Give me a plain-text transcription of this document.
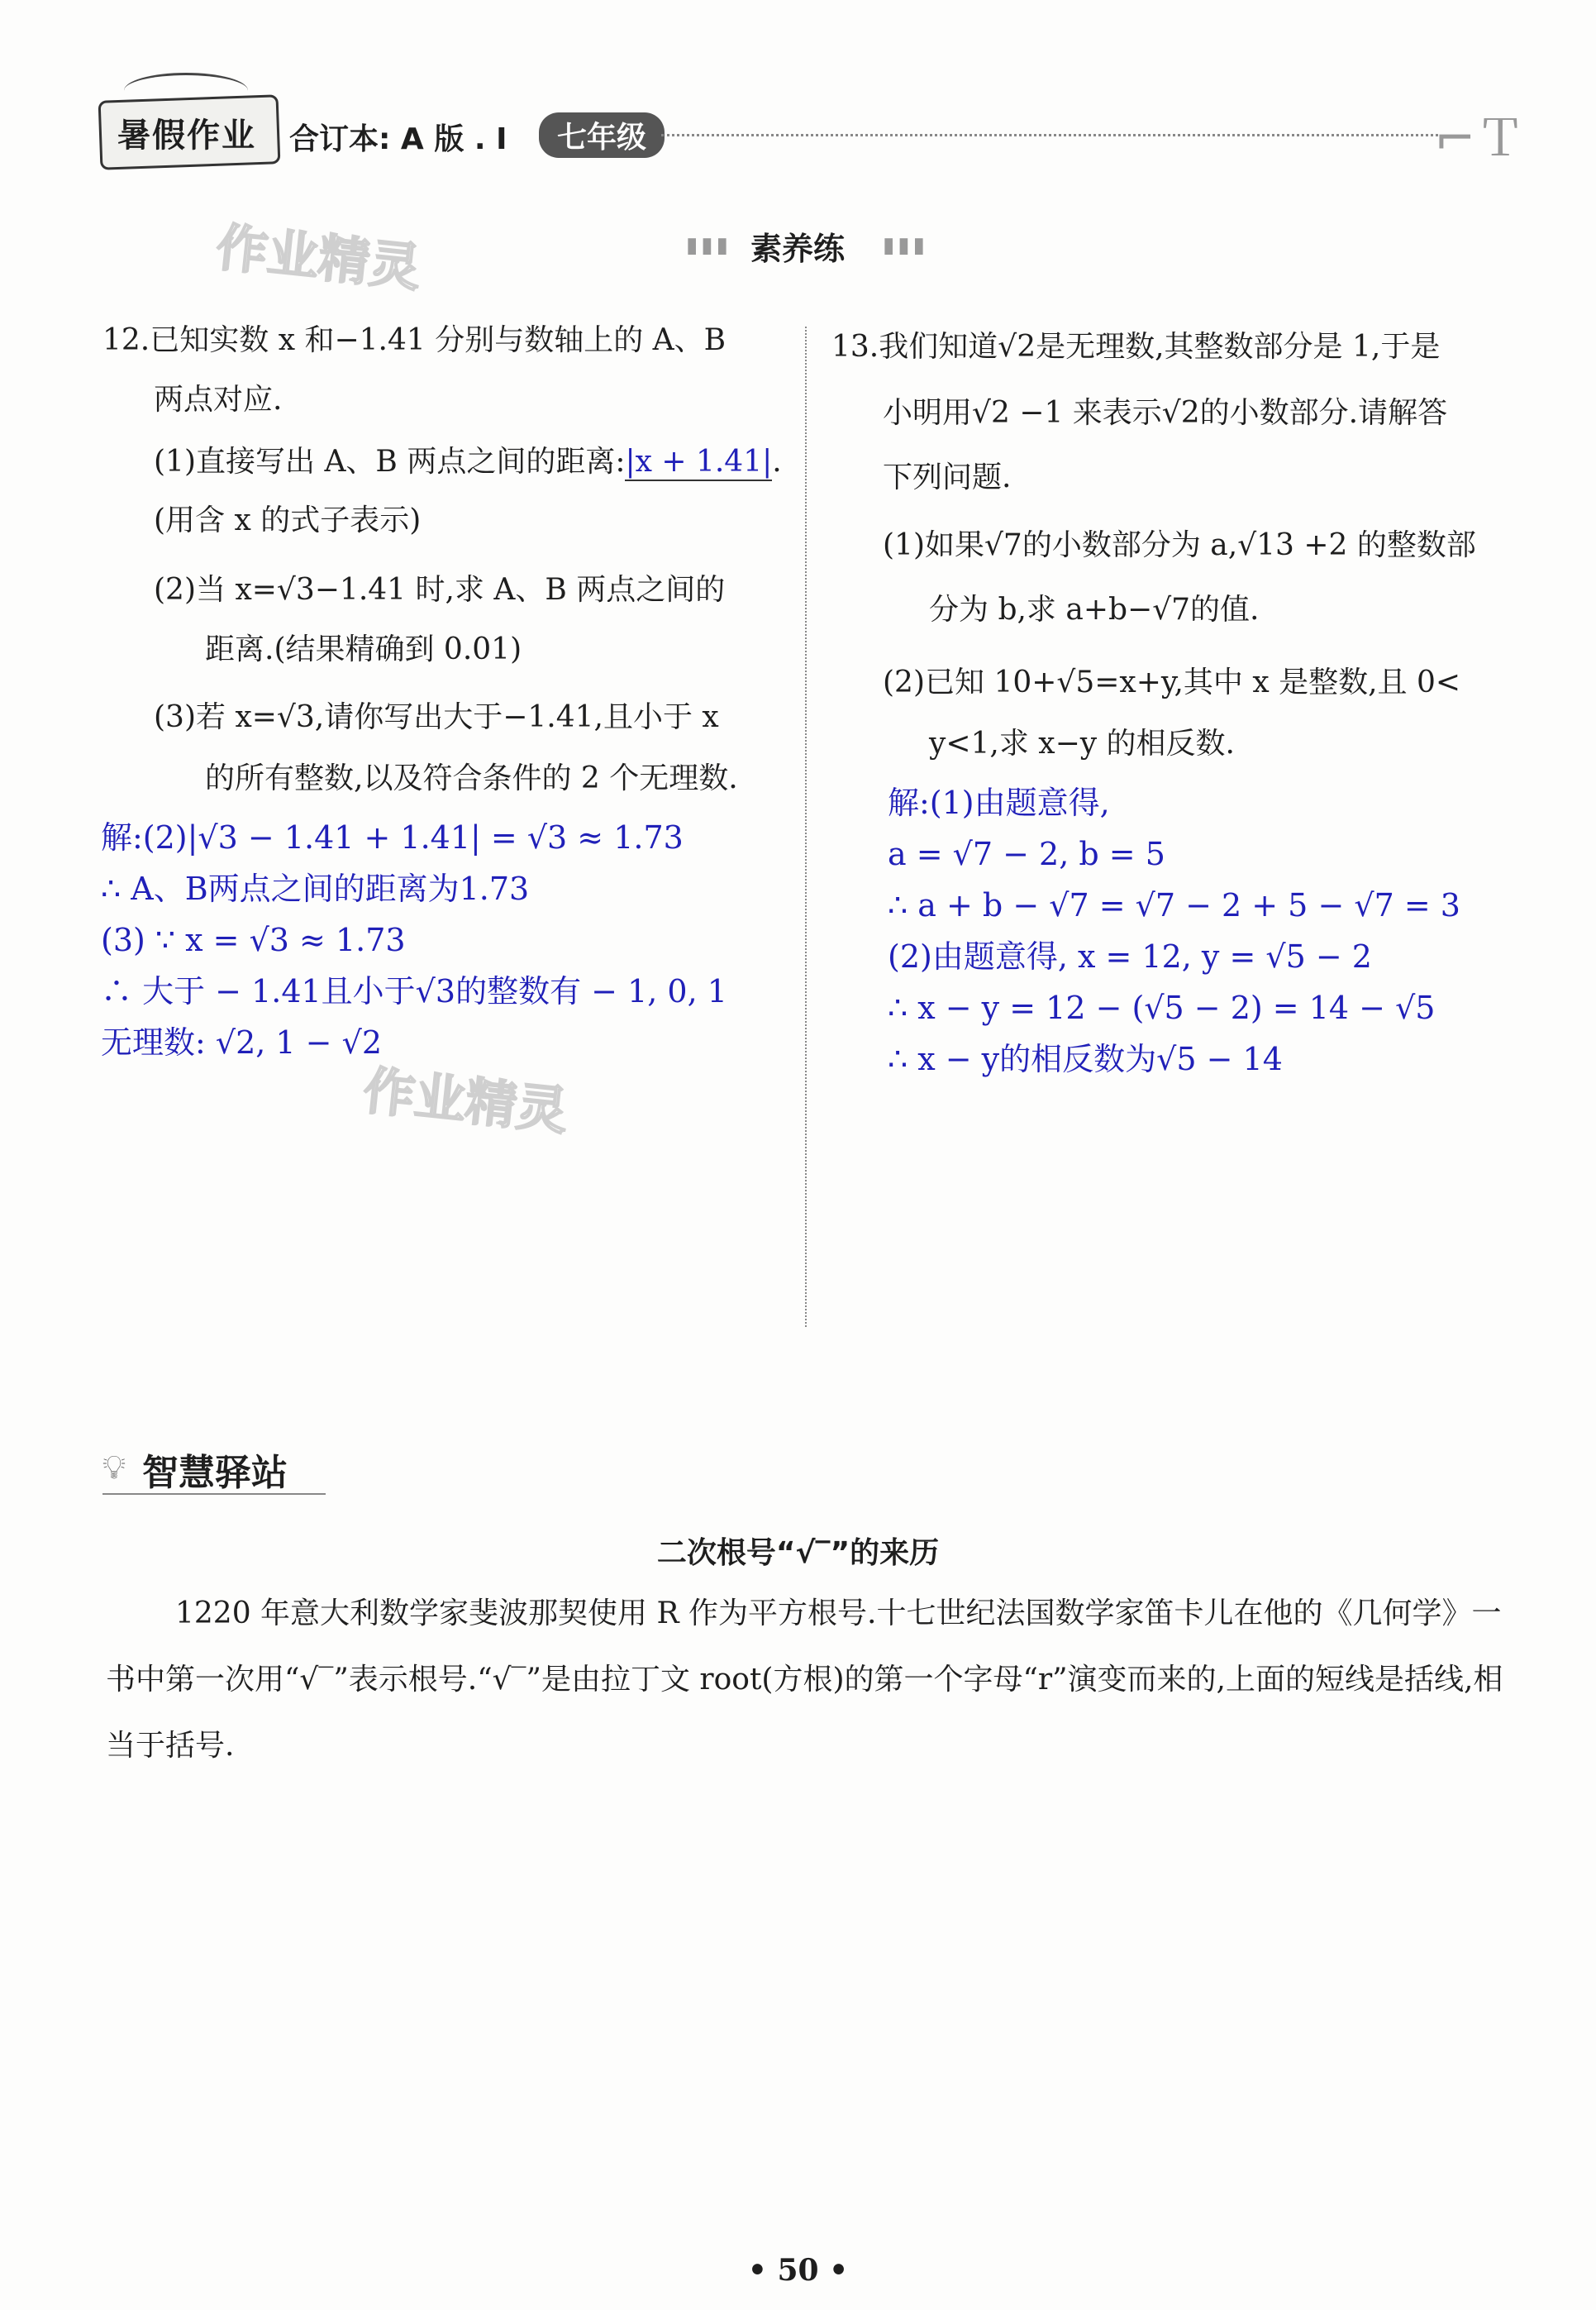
暑假作业 合订本: A 版 . I	七年级	⌐Ｔ
作业精灵
作业精灵
▮▮▮ 素养练 ▮▮▮
12.已知实数 x 和−1.41 分别与数轴上的 A、B
两点对应.
(1)直接写出 A、B 两点之间的距离:|x + 1.41|.
(用含 x 的式子表示)
(2)当 x=√3−1.41 时,求 A、B 两点之间的
距离.(结果精确到 0.01)
(3)若 x=√3,请你写出大于−1.41,且小于 x
的所有整数,以及符合条件的 2 个无理数.
解:(2)|√3 − 1.41 + 1.41| = √3 ≈ 1.73
∴ A、B两点之间的距离为1.73
(3) ∵ x = √3 ≈ 1.73
∴ 大于 − 1.41且小于√3的整数有 − 1, 0, 1
无理数: √2, 1 − √2
13.我们知道√2是无理数,其整数部分是 1,于是
小明用√2 −1 来表示√2的小数部分.请解答
下列问题.
(1)如果√7的小数部分为 a,√13 +2 的整数部
分为 b,求 a+b−√7的值.
(2)已知 10+√5=x+y,其中 x 是整数,且 0<
y<1,求 x−y 的相反数.
解:(1)由题意得,
a = √7 − 2, b = 5
∴ a + b − √7 = √7 − 2 + 5 − √7 = 3
(2)由题意得, x = 12, y = √5 − 2
∴ x − y = 12 − (√5 − 2) = 14 − √5
∴ x − y的相反数为√5 − 14
💡︎ 智慧驿站
二次根号“√‾”的来历
1220 年意大利数学家斐波那契使用 R 作为平方根号.十七世纪法国数学家笛卡儿在他的《几何学》一书中第一次用“√‾”表示根号.“√‾”是由拉丁文 root(方根)的第一个字母“r”演变而来的,上面的短线是括线,相当于括号.
• 50 •
